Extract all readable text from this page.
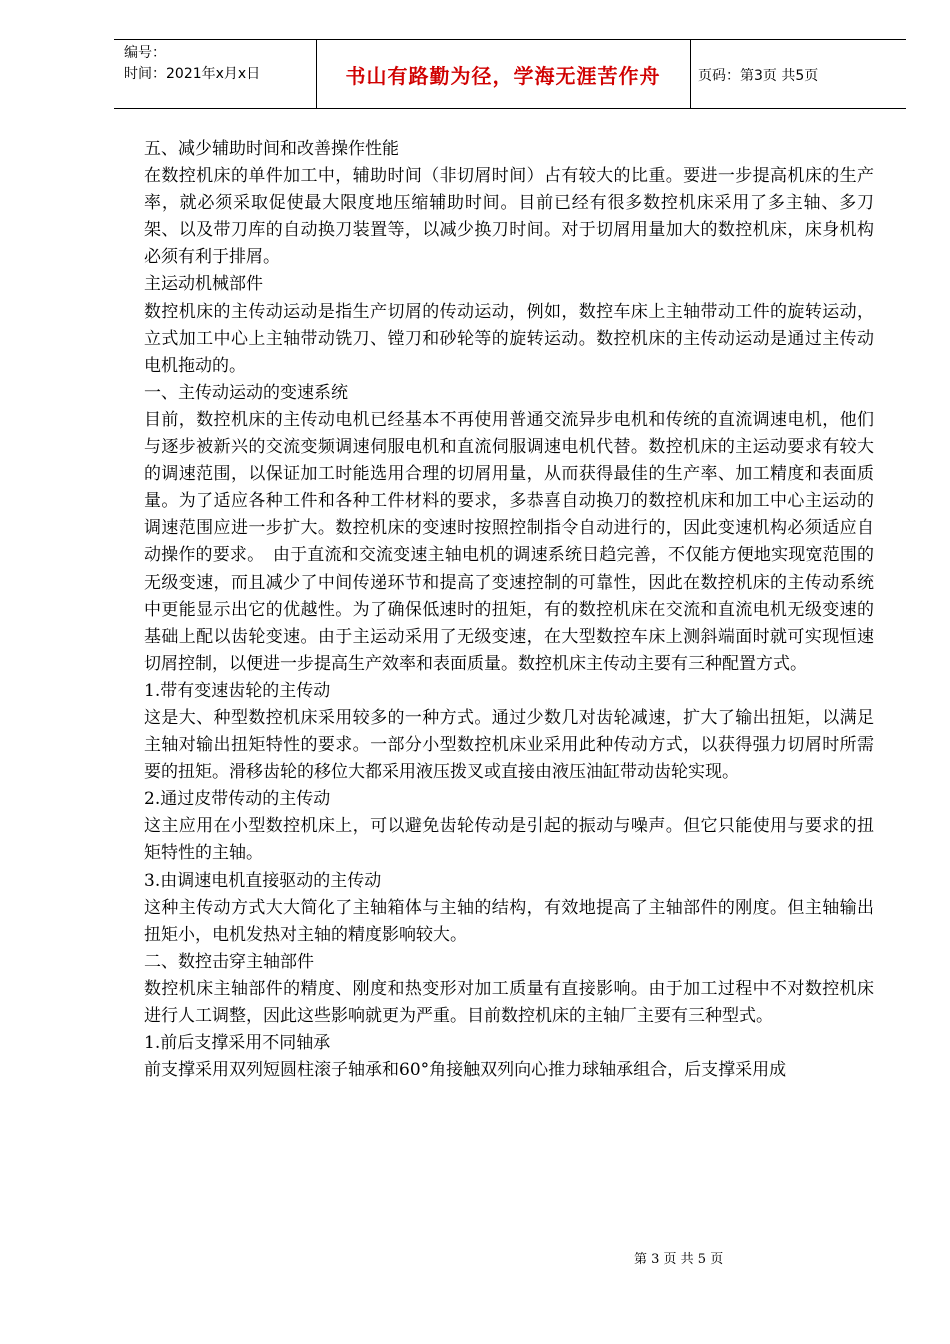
编号：
时间：2021年x月x日	书山有路勤为径，学海无涯苦作舟	页码：第3页 共5页

五、减少辅助时间和改善操作性能

在数控机床的单件加工中，辅助时间（非切屑时间）占有较大的比重。要进一步提高机床的生产率，就必须采取促使最大限度地压缩辅助时间。目前已经有很多数控机床采用了多主轴、多刀架、以及带刀库的自动换刀装置等，以减少换刀时间。对于切屑用量加大的数控机床，床身机构必须有利于排屑。

主运动机械部件

数控机床的主传动运动是指生产切屑的传动运动，例如，数控车床上主轴带动工件的旋转运动，立式加工中心上主轴带动铣刀、镗刀和砂轮等的旋转运动。数控机床的主传动运动是通过主传动电机拖动的。

一、主传动运动的变速系统

目前，数控机床的主传动电机已经基本不再使用普通交流异步电机和传统的直流调速电机，他们与逐步被新兴的交流变频调速伺服电机和直流伺服调速电机代替。数控机床的主运动要求有较大的调速范围，以保证加工时能选用合理的切屑用量，从而获得最佳的生产率、加工精度和表面质量。为了适应各种工件和各种工件材料的要求，多恭喜自动换刀的数控机床和加工中心主运动的调速范围应进一步扩大。数控机床的变速时按照控制指令自动进行的，因此变速机构必须适应自动操作的要求。　由于直流和交流变速主轴电机的调速系统日趋完善，不仅能方便地实现宽范围的无级变速，而且减少了中间传递环节和提高了变速控制的可靠性，因此在数控机床的主传动系统中更能显示出它的优越性。为了确保低速时的扭矩，有的数控机床在交流和直流电机无级变速的基础上配以齿轮变速。由于主运动采用了无级变速，在大型数控车床上测斜端面时就可实现恒速切屑控制，以便进一步提高生产效率和表面质量。数控机床主传动主要有三种配置方式。

1.带有变速齿轮的主传动

这是大、种型数控机床采用较多的一种方式。通过少数几对齿轮减速，扩大了输出扭矩，以满足主轴对输出扭矩特性的要求。一部分小型数控机床业采用此种传动方式，以获得强力切屑时所需要的扭矩。滑移齿轮的移位大都采用液压拨叉或直接由液压油缸带动齿轮实现。

2.通过皮带传动的主传动

这主应用在小型数控机床上，可以避免齿轮传动是引起的振动与噪声。但它只能使用与要求的扭矩特性的主轴。

3.由调速电机直接驱动的主传动

这种主传动方式大大简化了主轴箱体与主轴的结构，有效地提高了主轴部件的刚度。但主轴输出扭矩小，电机发热对主轴的精度影响较大。

二、数控击穿主轴部件

数控机床主轴部件的精度、刚度和热变形对加工质量有直接影响。由于加工过程中不对数控机床进行人工调整，因此这些影响就更为严重。目前数控机床的主轴厂主要有三种型式。

1.前后支撑采用不同轴承

前支撑采用双列短圆柱滚子轴承和60°角接触双列向心推力球轴承组合，后支撑采用成

第 3 页 共 5 页
